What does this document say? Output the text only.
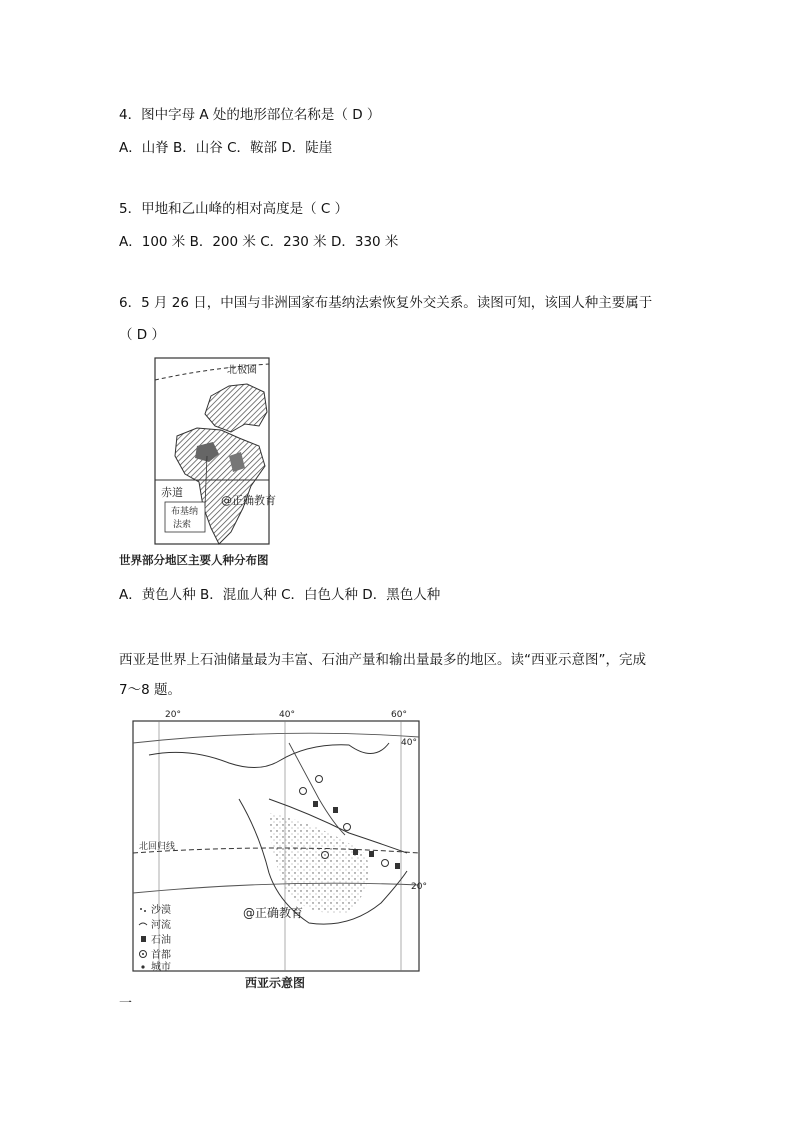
4．图中字母 A 处的地形部位名称是（ D ）
A．山脊 B．山谷 C．鞍部 D．陡崖
5．甲地和乙山峰的相对高度是（ C ）
A．100 米 B．200 米 C．230 米 D．330 米
6．5 月 26 日，中国与非洲国家布基纳法索恢复外交关系。读图可知，该国人种主要属于
（ D ）
北极圈
赤道
布基纳
法索
@正确教育
世界部分地区主要人种分布图
A．黄色人种 B．混血人种 C．白色人种 D．黑色人种
西亚是世界上石油储量最为丰富、石油产量和输出量最多的地区。读“西亚示意图”，完成
7～8 题。
20°	40°	60°
40°
20°
北回归线
沙漠
河流
石油
首都
城市
@正确教育
西亚示意图
一
